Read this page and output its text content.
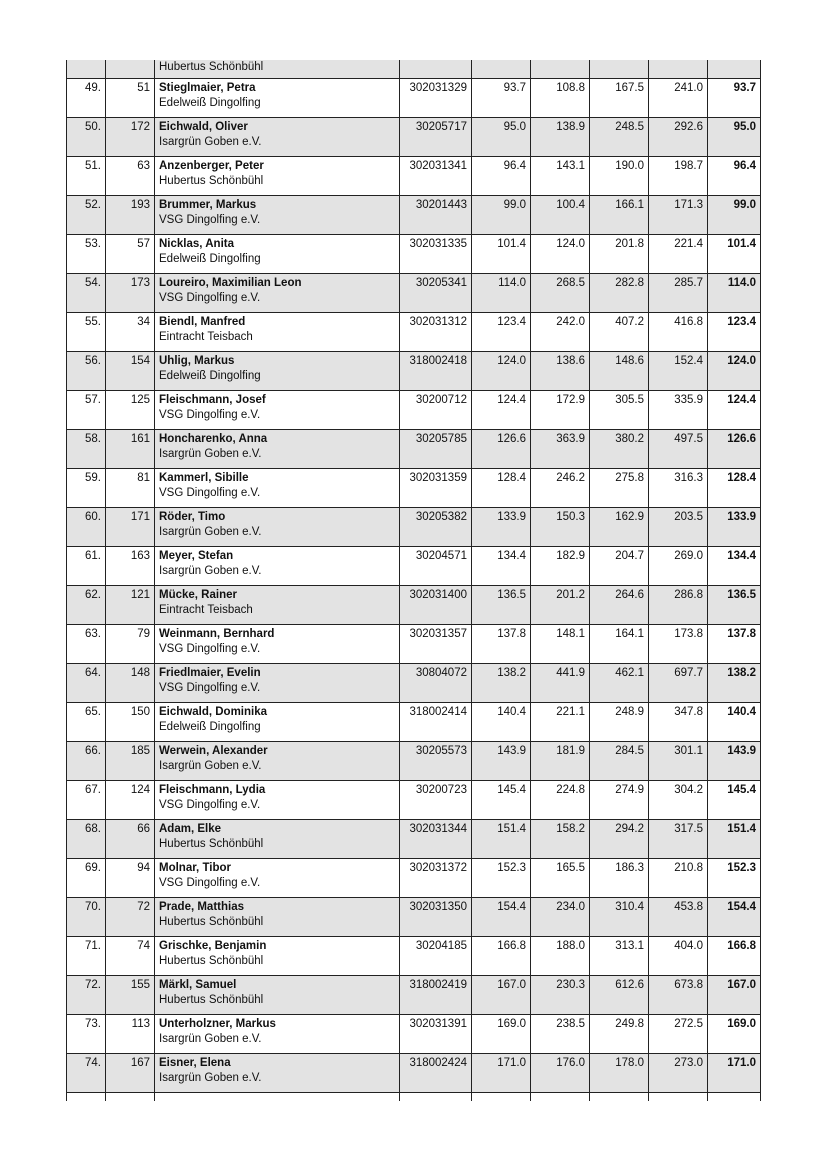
		Hubertus Schönbühl						

49.	51	Stieglmaier, Petra
Edelweiß Dingolfing	302031329	93.7	108.8	167.5	241.0	93.7
50.	172	Eichwald, Oliver
Isargrün Goben e.V.	30205717	95.0	138.9	248.5	292.6	95.0
51.	63	Anzenberger, Peter
Hubertus Schönbühl	302031341	96.4	143.1	190.0	198.7	96.4
52.	193	Brummer, Markus
VSG Dingolfing e.V.	30201443	99.0	100.4	166.1	171.3	99.0
53.	57	Nicklas, Anita
Edelweiß Dingolfing	302031335	101.4	124.0	201.8	221.4	101.4
54.	173	Loureiro, Maximilian Leon
VSG Dingolfing e.V.	30205341	114.0	268.5	282.8	285.7	114.0
55.	34	Biendl, Manfred
Eintracht Teisbach	302031312	123.4	242.0	407.2	416.8	123.4
56.	154	Uhlig, Markus
Edelweiß Dingolfing	318002418	124.0	138.6	148.6	152.4	124.0
57.	125	Fleischmann, Josef
VSG Dingolfing e.V.	30200712	124.4	172.9	305.5	335.9	124.4
58.	161	Honcharenko, Anna
Isargrün Goben e.V.	30205785	126.6	363.9	380.2	497.5	126.6
59.	81	Kammerl, Sibille
VSG Dingolfing e.V.	302031359	128.4	246.2	275.8	316.3	128.4
60.	171	Röder, Timo
Isargrün Goben e.V.	30205382	133.9	150.3	162.9	203.5	133.9
61.	163	Meyer, Stefan
Isargrün Goben e.V.	30204571	134.4	182.9	204.7	269.0	134.4
62.	121	Mücke, Rainer
Eintracht Teisbach	302031400	136.5	201.2	264.6	286.8	136.5
63.	79	Weinmann, Bernhard
VSG Dingolfing e.V.	302031357	137.8	148.1	164.1	173.8	137.8
64.	148	Friedlmaier, Evelin
VSG Dingolfing e.V.	30804072	138.2	441.9	462.1	697.7	138.2
65.	150	Eichwald, Dominika
Edelweiß Dingolfing	318002414	140.4	221.1	248.9	347.8	140.4
66.	185	Werwein, Alexander
Isargrün Goben e.V.	30205573	143.9	181.9	284.5	301.1	143.9
67.	124	Fleischmann, Lydia
VSG Dingolfing e.V.	30200723	145.4	224.8	274.9	304.2	145.4
68.	66	Adam, Elke
Hubertus Schönbühl	302031344	151.4	158.2	294.2	317.5	151.4
69.	94	Molnar, Tibor
VSG Dingolfing e.V.	302031372	152.3	165.5	186.3	210.8	152.3
70.	72	Prade, Matthias
Hubertus Schönbühl	302031350	154.4	234.0	310.4	453.8	154.4
71.	74	Grischke, Benjamin
Hubertus Schönbühl	30204185	166.8	188.0	313.1	404.0	166.8
72.	155	Märkl, Samuel
Hubertus Schönbühl	318002419	167.0	230.3	612.6	673.8	167.0
73.	113	Unterholzner, Markus
Isargrün Goben e.V.	302031391	169.0	238.5	249.8	272.5	169.0
74.	167	Eisner, Elena
Isargrün Goben e.V.	318002424	171.0	176.0	178.0	273.0	171.0
